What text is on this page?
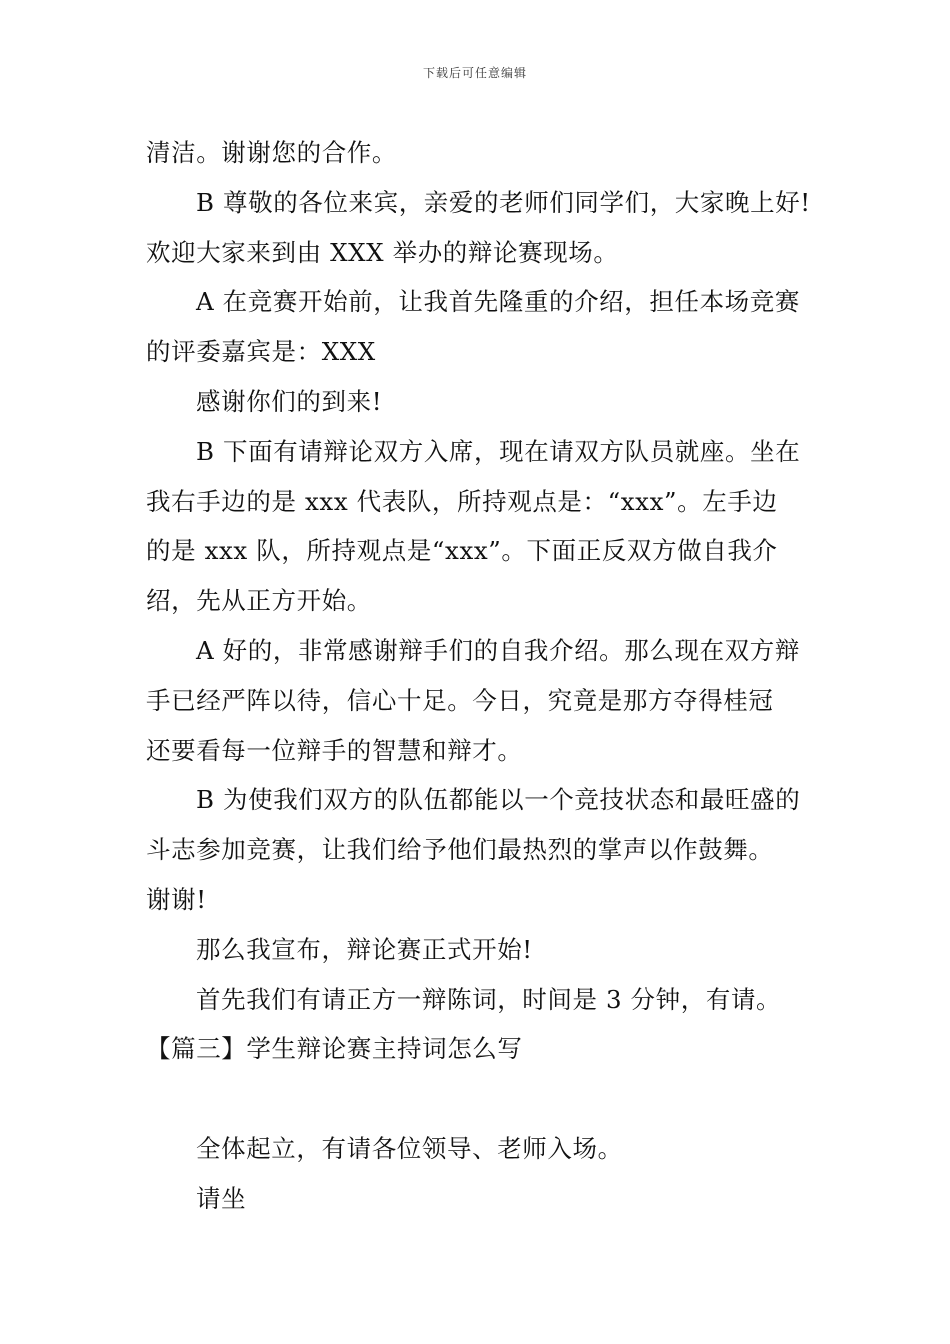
下载后可任意编辑
清洁。谢谢您的合作。
B 尊敬的各位来宾，亲爱的老师们同学们，大家晚上好!
欢迎大家来到由 XXX 举办的辩论赛现场。
A 在竞赛开始前，让我首先隆重的介绍，担任本场竞赛
的评委嘉宾是：XXX
感谢你们的到来!
B 下面有请辩论双方入席，现在请双方队员就座。坐在
我右手边的是 xxx 代表队，所持观点是：“xxx”。左手边
的是 xxx 队，所持观点是“xxx”。下面正反双方做自我介
绍，先从正方开始。
A 好的，非常感谢辩手们的自我介绍。那么现在双方辩
手已经严阵以待，信心十足。今日，究竟是那方夺得桂冠
还要看每一位辩手的智慧和辩才。
B 为使我们双方的队伍都能以一个竞技状态和最旺盛的
斗志参加竞赛，让我们给予他们最热烈的掌声以作鼓舞。
谢谢!
那么我宣布，辩论赛正式开始!
首先我们有请正方一辩陈词，时间是 3 分钟，有请。
【篇三】学生辩论赛主持词怎么写
全体起立，有请各位领导、老师入场。
请坐
